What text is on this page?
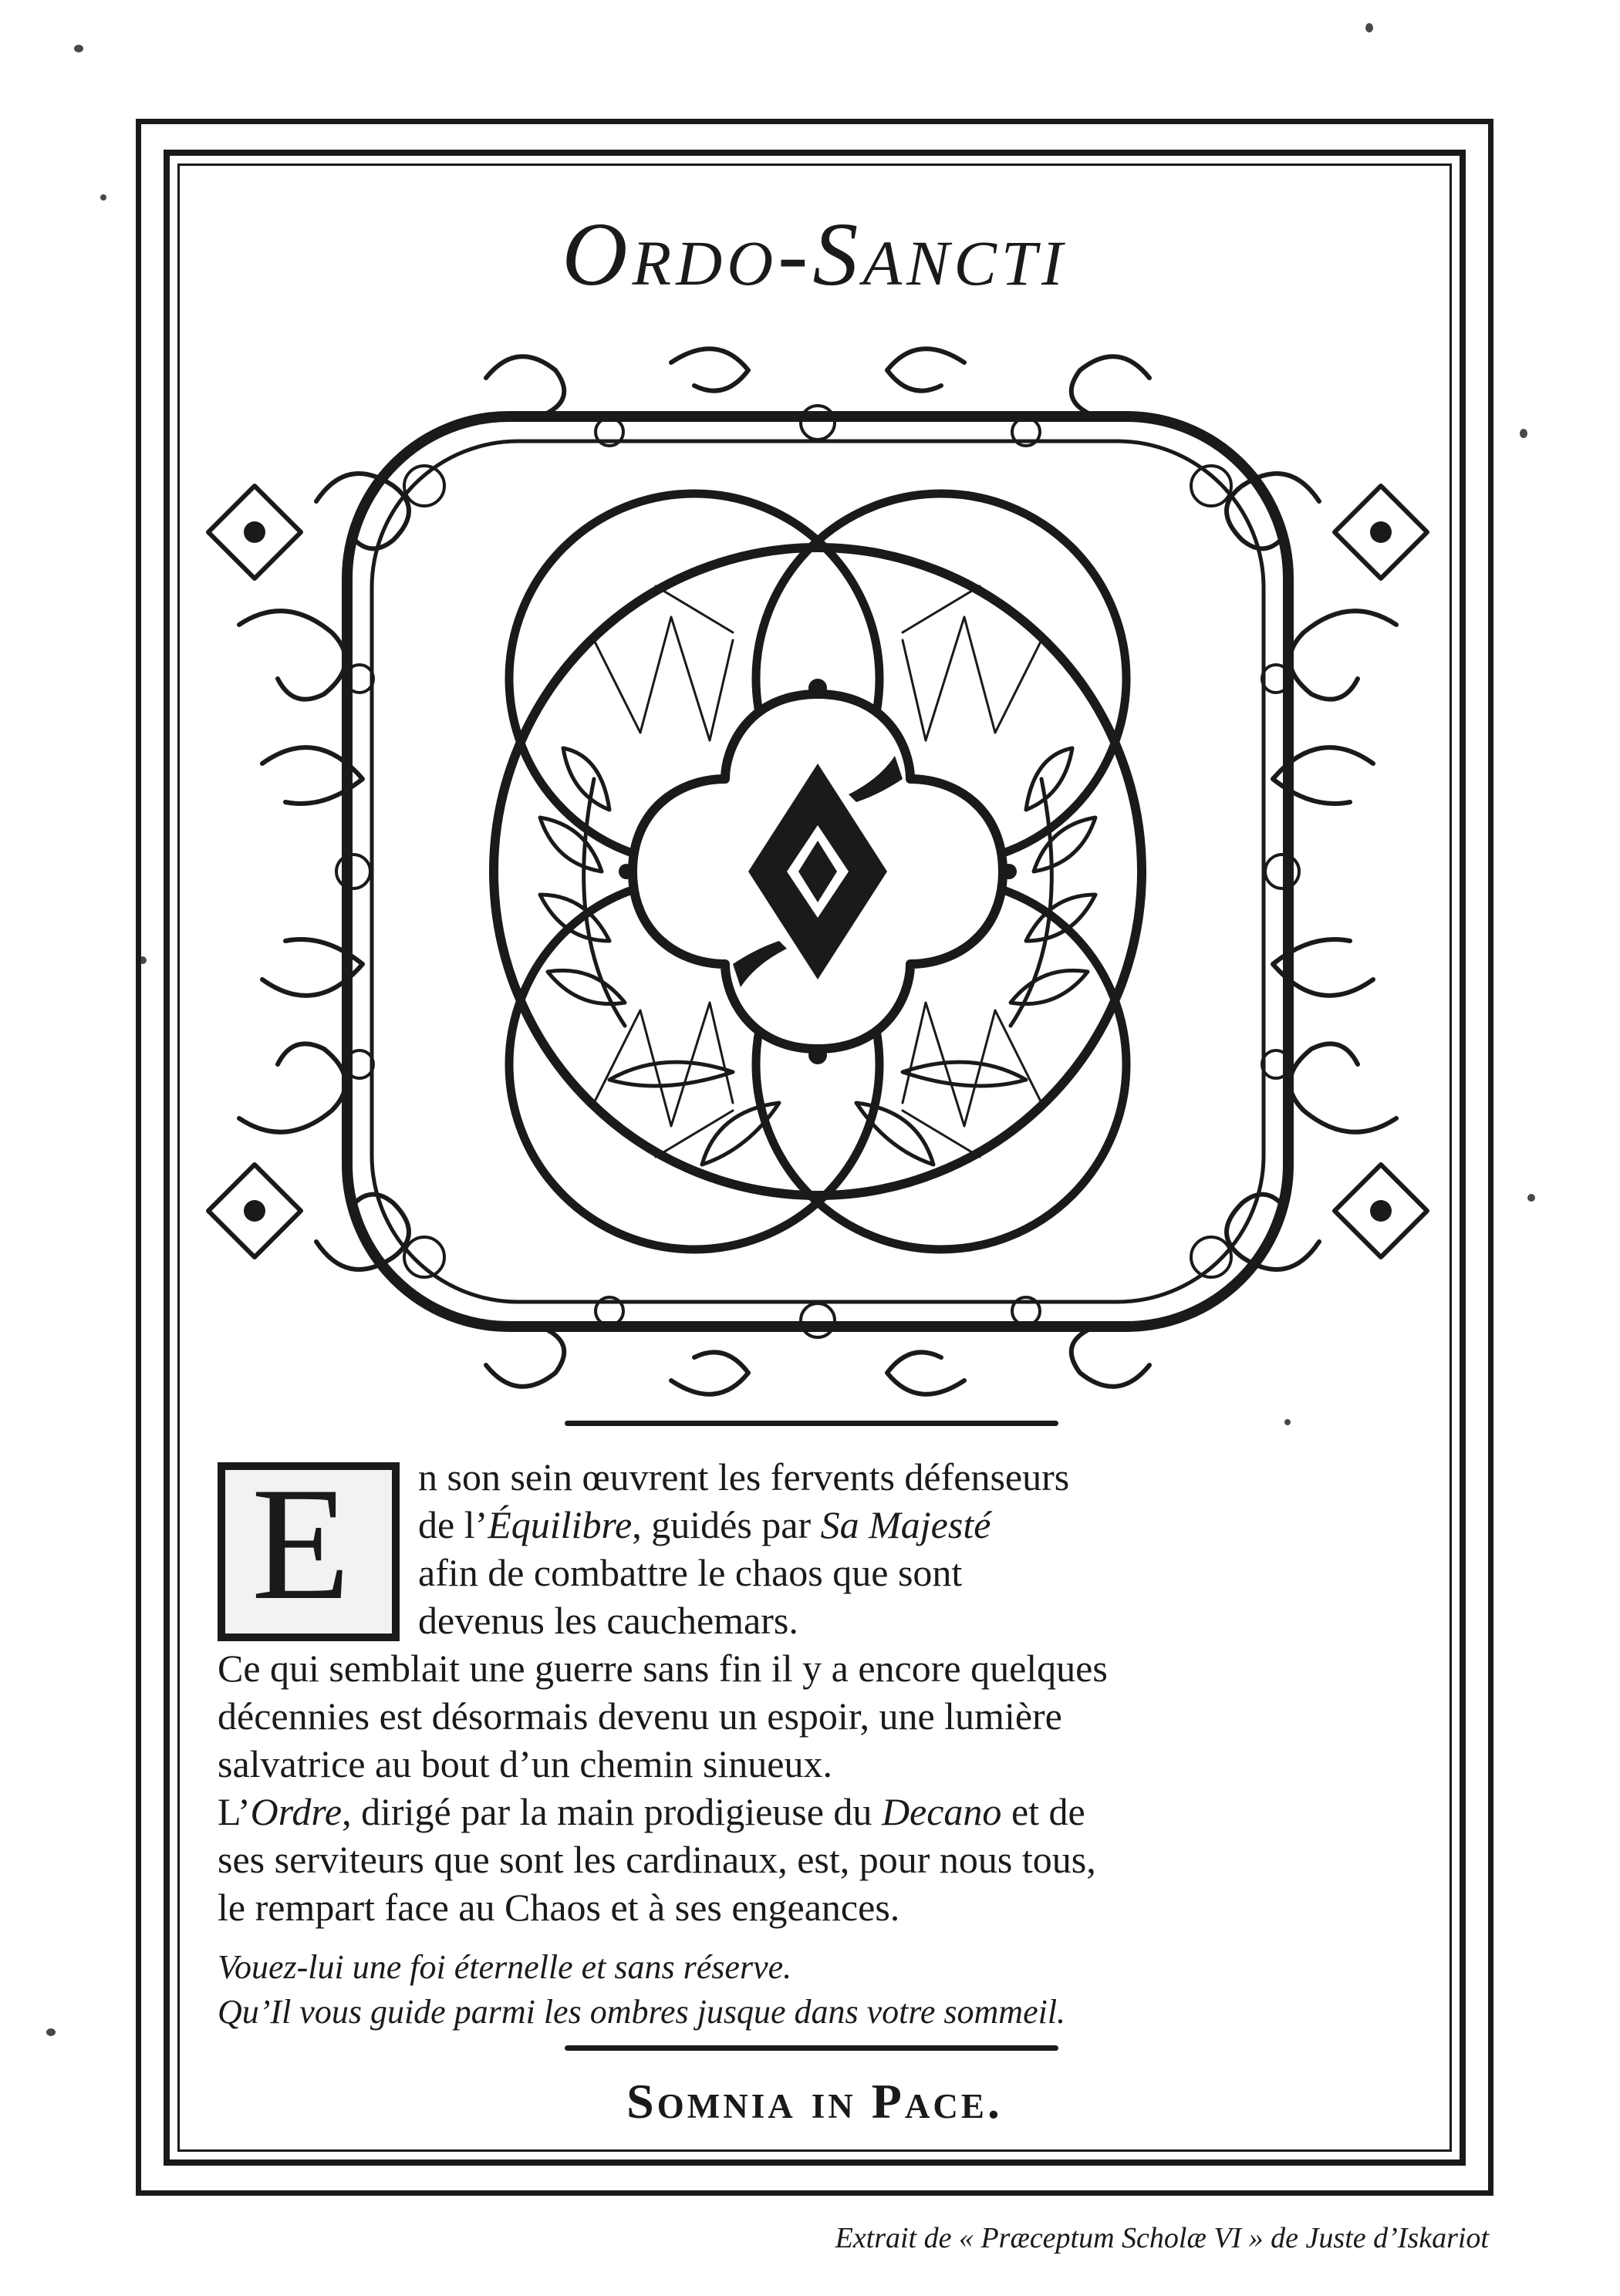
Ordo-Sancti
E	n son sein œuvrent les fervents défenseurs
de l’Équilibre, guidés par Sa Majesté
afin de combattre le chaos que sont
devenus les cauchemars.
Ce qui semblait une guerre sans fin il y a encore quelques
décennies est désormais devenu un espoir, une lumière
salvatrice au bout d’un chemin sinueux.
L’Ordre, dirigé par la main prodigieuse du Decano et de
ses serviteurs que sont les cardinaux, est, pour nous tous,
le rempart face au Chaos et à ses engeances.
Vouez-lui une foi éternelle et sans réserve.
Qu’Il vous guide parmi les ombres jusque dans votre sommeil.
Somnia in Pace.
Extrait de « Præceptum Scholæ VI » de Juste d’Iskariot
